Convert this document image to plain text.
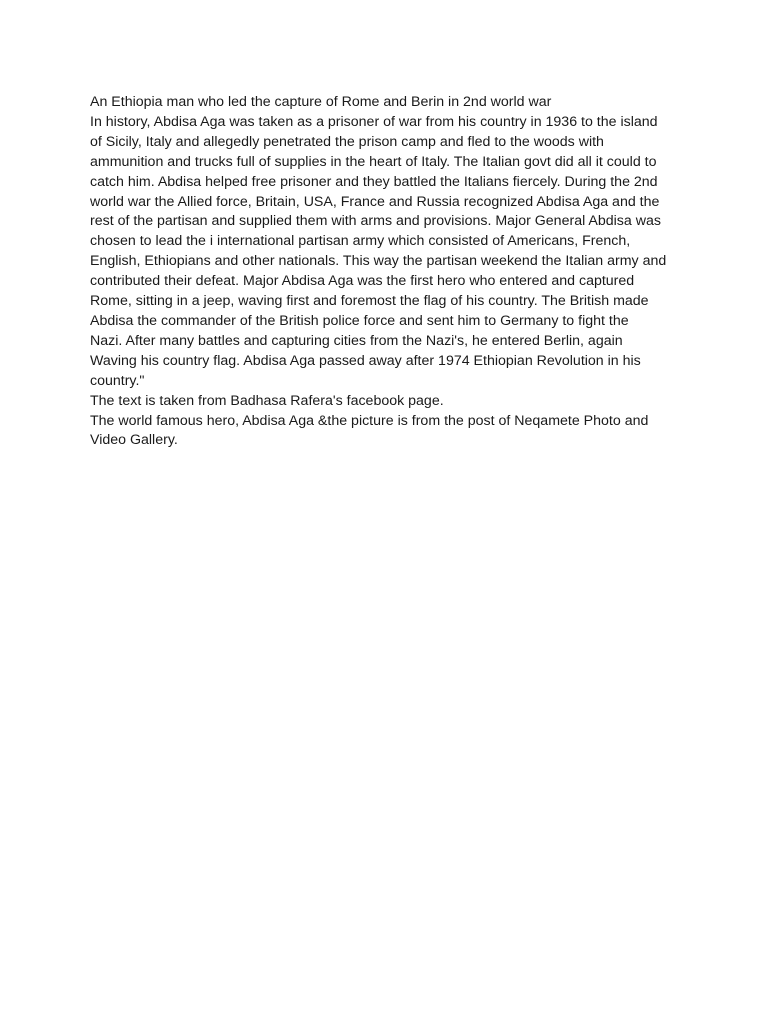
An Ethiopia man who led the capture of Rome and Berin in 2nd world war
In history, Abdisa Aga was taken as a prisoner of war from his country in 1936 to the island
of Sicily, Italy and allegedly penetrated the prison camp and fled to the woods with
ammunition and trucks full of supplies in the heart of Italy. The Italian govt did all it could to
catch him. Abdisa helped free prisoner and they battled the Italians fiercely. During the 2nd
world war the Allied force, Britain, USA, France and Russia recognized Abdisa Aga and the
rest of the partisan and supplied them with arms and provisions. Major General Abdisa was
chosen to lead the i international partisan army which consisted of Americans, French,
English, Ethiopians and other nationals. This way the partisan weekend the Italian army and
contributed their defeat. Major Abdisa Aga was the first hero who entered and captured
Rome, sitting in a jeep, waving first and foremost the flag of his country. The British made
Abdisa the commander of the British police force and sent him to Germany to fight the
Nazi. After many battles and capturing cities from the Nazi's, he entered Berlin, again
Waving his country flag. Abdisa Aga passed away after 1974 Ethiopian Revolution in his
country."
The text is taken from Badhasa Rafera's facebook page.
The world famous hero, Abdisa Aga &the picture is from the post of Neqamete Photo and
Video Gallery.
